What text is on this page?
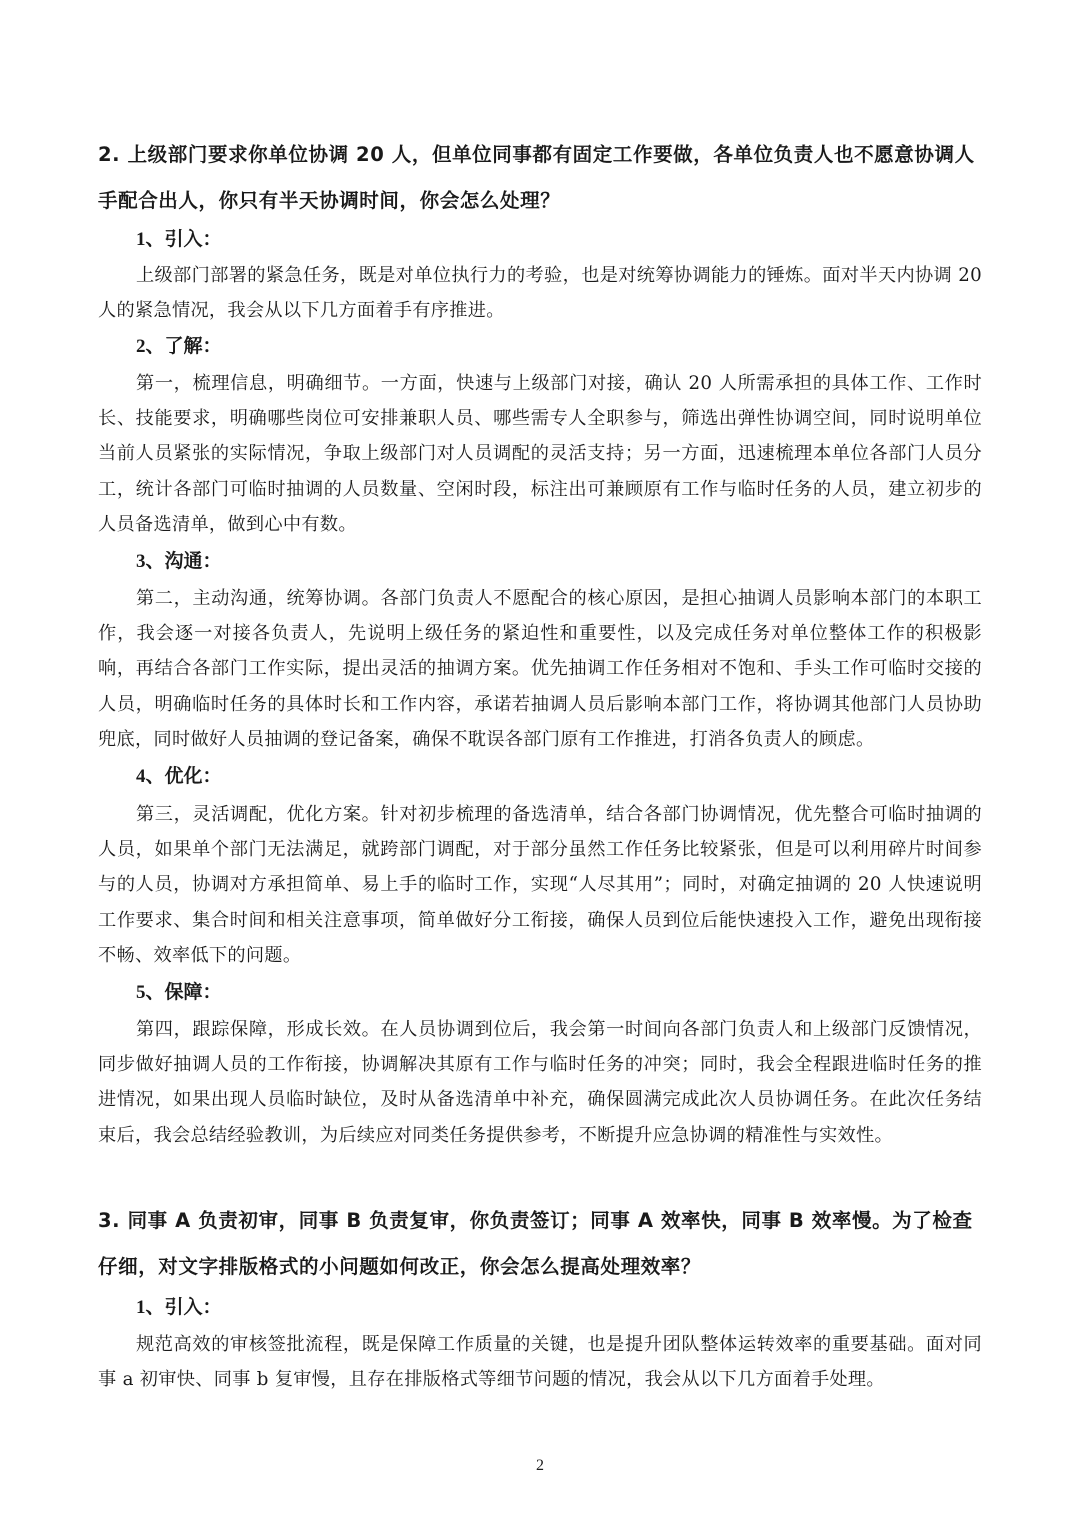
2. 上级部门要求你单位协调 20 人，但单位同事都有固定工作要做，各单位负责人也不愿意协调人手配合出人，你只有半天协调时间，你会怎么处理？

1、引入：

上级部门部署的紧急任务，既是对单位执行力的考验，也是对统筹协调能力的锤炼。面对半天内协调 20 人的紧急情况，我会从以下几方面着手有序推进。

2、了解：

第一，梳理信息，明确细节。一方面，快速与上级部门对接，确认 20 人所需承担的具体工作、工作时长、技能要求，明确哪些岗位可安排兼职人员、哪些需专人全职参与，筛选出弹性协调空间，同时说明单位当前人员紧张的实际情况，争取上级部门对人员调配的灵活支持；另一方面，迅速梳理本单位各部门人员分工，统计各部门可临时抽调的人员数量、空闲时段，标注出可兼顾原有工作与临时任务的人员，建立初步的人员备选清单，做到心中有数。

3、沟通：

第二，主动沟通，统筹协调。各部门负责人不愿配合的核心原因，是担心抽调人员影响本部门的本职工作，我会逐一对接各负责人，先说明上级任务的紧迫性和重要性，以及完成任务对单位整体工作的积极影响，再结合各部门工作实际，提出灵活的抽调方案。优先抽调工作任务相对不饱和、手头工作可临时交接的人员，明确临时任务的具体时长和工作内容，承诺若抽调人员后影响本部门工作，将协调其他部门人员协助兜底，同时做好人员抽调的登记备案，确保不耽误各部门原有工作推进，打消各负责人的顾虑。

4、优化：

第三，灵活调配，优化方案。针对初步梳理的备选清单，结合各部门协调情况，优先整合可临时抽调的人员，如果单个部门无法满足，就跨部门调配，对于部分虽然工作任务比较紧张，但是可以利用碎片时间参与的人员，协调对方承担简单、易上手的临时工作，实现“人尽其用”；同时，对确定抽调的 20 人快速说明工作要求、集合时间和相关注意事项，简单做好分工衔接，确保人员到位后能快速投入工作，避免出现衔接不畅、效率低下的问题。

5、保障：

第四，跟踪保障，形成长效。在人员协调到位后，我会第一时间向各部门负责人和上级部门反馈情况，同步做好抽调人员的工作衔接，协调解决其原有工作与临时任务的冲突；同时，我会全程跟进临时任务的推进情况，如果出现人员临时缺位，及时从备选清单中补充，确保圆满完成此次人员协调任务。在此次任务结束后，我会总结经验教训，为后续应对同类任务提供参考，不断提升应急协调的精准性与实效性。

3. 同事 A 负责初审，同事 B 负责复审，你负责签订；同事 A 效率快，同事 B 效率慢。为了检查仔细，对文字排版格式的小问题如何改正，你会怎么提高处理效率？

1、引入：

规范高效的审核签批流程，既是保障工作质量的关键，也是提升团队整体运转效率的重要基础。面对同事 a 初审快、同事 b 复审慢，且存在排版格式等细节问题的情况，我会从以下几方面着手处理。

2
